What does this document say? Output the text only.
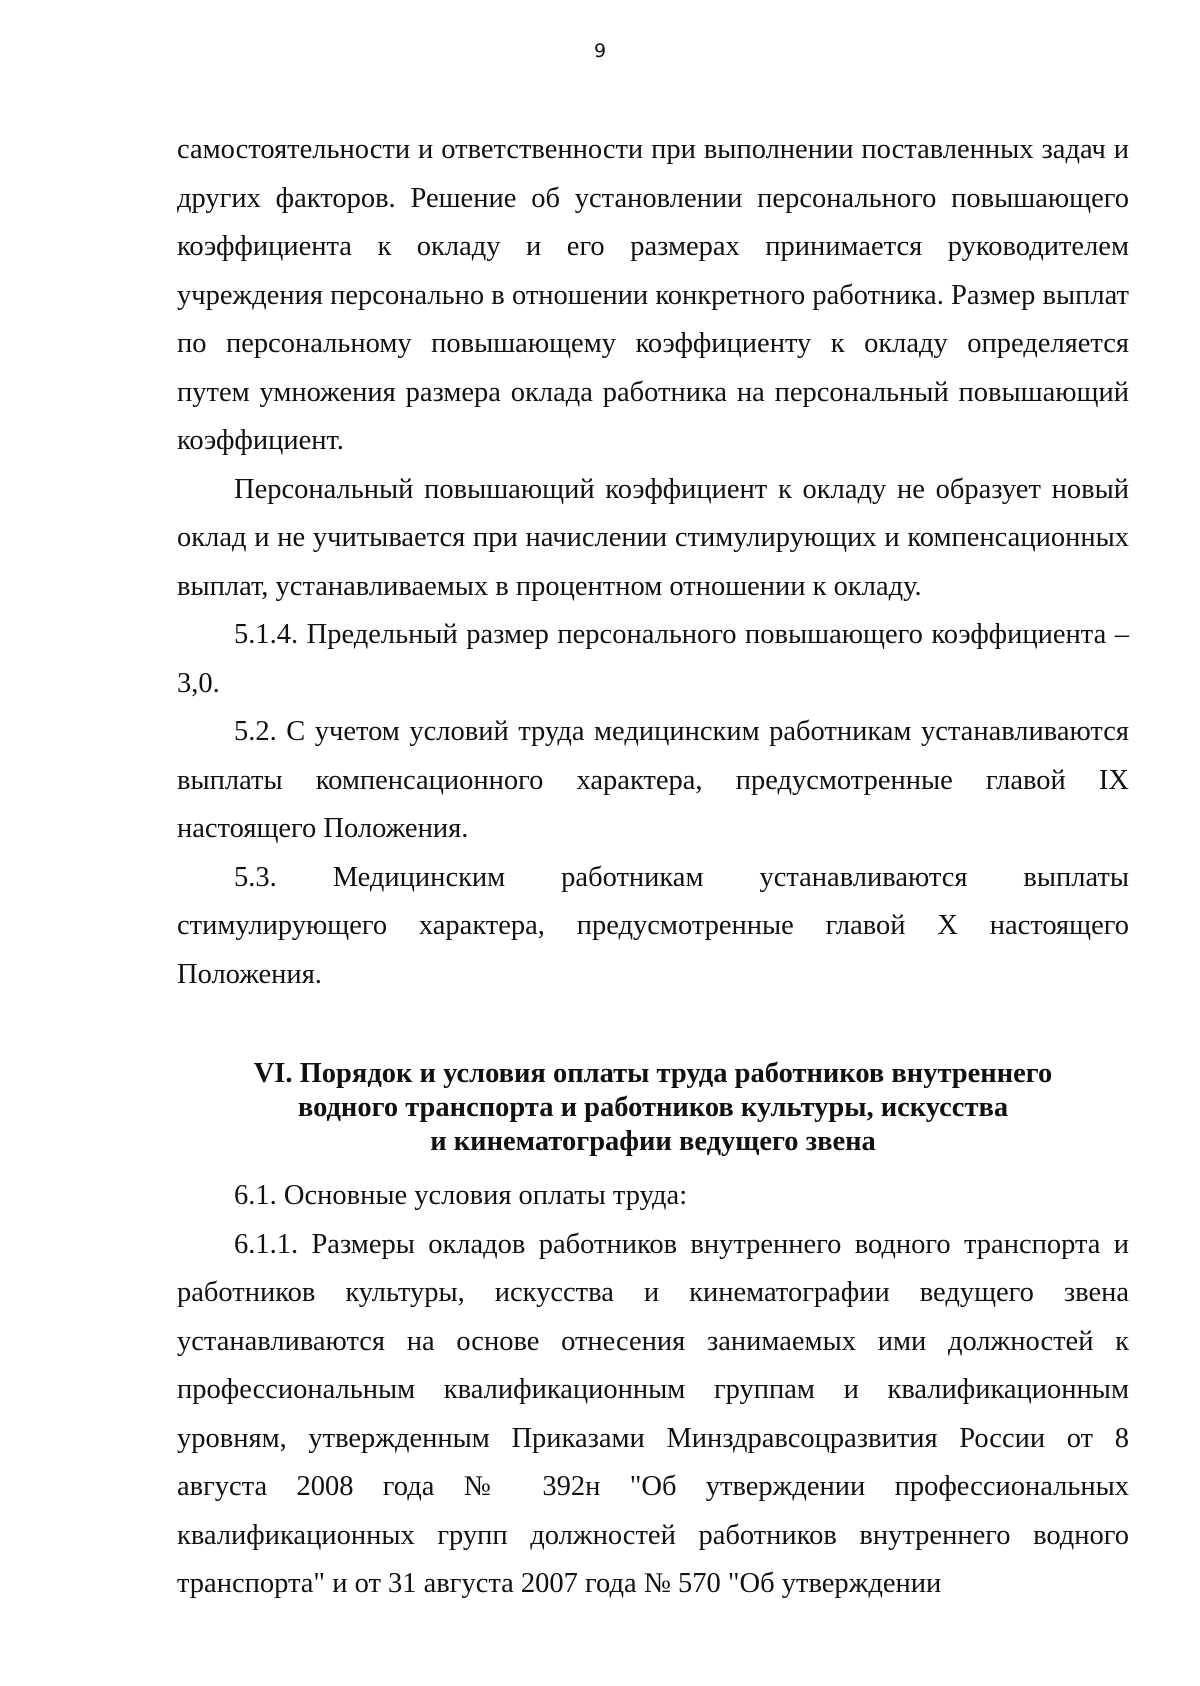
9

самостоятельности и ответственности при выполнении поставленных задач и других факторов. Решение об установлении персонального повышающего коэффициента к окладу и его размерах принимается руководителем учреждения персонально в отношении конкретного работника. Размер выплат по персональному повышающему коэффициенту к окладу определяется путем умножения размера оклада работника на персональный повышающий коэффициент.

Персональный повышающий коэффициент к окладу не образует новый оклад и не учитывается при начислении стимулирующих и компенсационных выплат, устанавливаемых в процентном отношении к окладу.

5.1.4. Предельный размер персонального повышающего коэффициента – 3,0.

5.2. С учетом условий труда медицинским работникам устанавливаются выплаты компенсационного характера, предусмотренные главой IX настоящего Положения.

5.3. Медицинским работникам устанавливаются выплаты стимулирующего характера, предусмотренные главой X настоящего Положения.

VI. Порядок и условия оплаты труда работников внутреннего
водного транспорта и работников культуры, искусства
и кинематографии ведущего звена

6.1. Основные условия оплаты труда:

6.1.1. Размеры окладов работников внутреннего водного транспорта и работников культуры, искусства и кинематографии ведущего звена устанавливаются на основе отнесения занимаемых ими должностей к профессиональным квалификационным группам и квалификационным уровням, утвержденным Приказами Минздравсоцразвития России от 8 августа 2008 года № 392н "Об утверждении профессиональных квалификационных групп должностей работников внутреннего водного транспорта" и от 31 августа 2007 года № 570 "Об утверждении
